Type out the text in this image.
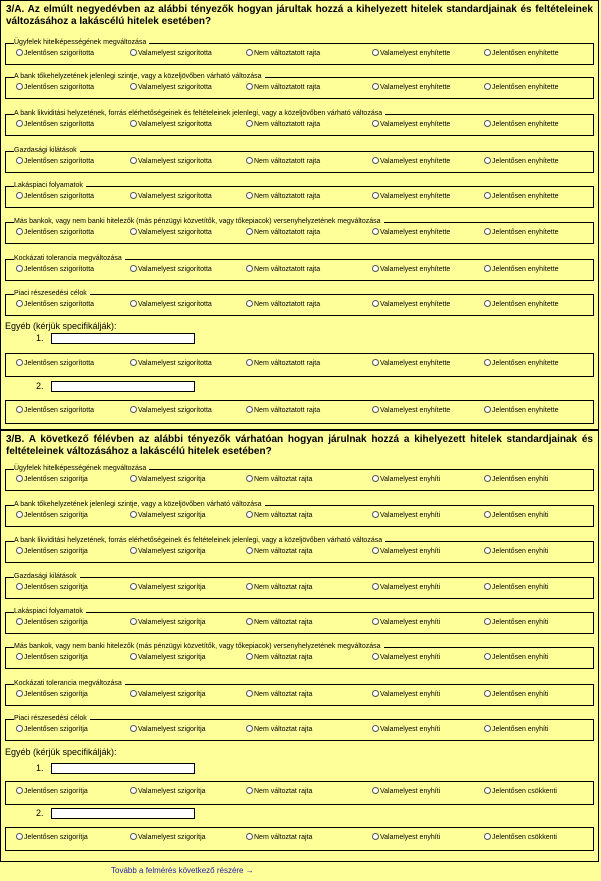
3/A. Az elmúlt negyedévben az alábbi tényezők hogyan járultak hozzá a kihelyezett hitelek standardjainak és feltételeinek változásához a lakáscélú hitelek esetében?
Ügyfelek hitelképességének megváltozása
Jelentősen szigorította	Valamelyest szigorította	Nem változtatott rajta	Valamelyest enyhítette	Jelentősen enyhítette
A bank tőkehelyzetének jelenlegi szintje, vagy a közeljövőben várható változása
Jelentősen szigorította	Valamelyest szigorította	Nem változtatott rajta	Valamelyest enyhítette	Jelentősen enyhítette
A bank likviditási helyzetének, forrás elérhetőségeinek és feltételeinek jelenlegi, vagy a közeljövőben várható változása
Jelentősen szigorította	Valamelyest szigorította	Nem változtatott rajta	Valamelyest enyhítette	Jelentősen enyhítette
Gazdasági kilátások
Jelentősen szigorította	Valamelyest szigorította	Nem változtatott rajta	Valamelyest enyhítette	Jelentősen enyhítette
Lakáspiaci folyamatok
Jelentősen szigorította	Valamelyest szigorította	Nem változtatott rajta	Valamelyest enyhítette	Jelentősen enyhítette
Más bankok, vagy nem banki hitelezők (más pénzügyi közvetítők, vagy tőkepiacok) versenyhelyzetének megváltozása
Jelentősen szigorította	Valamelyest szigorította	Nem változtatott rajta	Valamelyest enyhítette	Jelentősen enyhítette
Kockázati tolerancia megváltozása
Jelentősen szigorította	Valamelyest szigorította	Nem változtatott rajta	Valamelyest enyhítette	Jelentősen enyhítette
Piaci részesedési célok
Jelentősen szigorította	Valamelyest szigorította	Nem változtatott rajta	Valamelyest enyhítette	Jelentősen enyhítette
Egyéb (kérjük specifikálják):
1.
Jelentősen szigorította	Valamelyest szigorította	Nem változtatott rajta	Valamelyest enyhítette	Jelentősen enyhítette
2.
Jelentősen szigorította	Valamelyest szigorította	Nem változtatott rajta	Valamelyest enyhítette	Jelentősen enyhítette
3/B. A következő félévben az alábbi tényezők várhatóan hogyan járulnak hozzá a kihelyezett hitelek standardjainak és feltételeinek változásához a lakáscélú hitelek esetében?
Ügyfelek hitelképességének megváltozása
Jelentősen szigorítja	Valamelyest szigorítja	Nem változtat rajta	Valamelyest enyhíti	Jelentősen enyhíti
A bank tőkehelyzetének jelenlegi szintje, vagy a közeljövőben várható változása
Jelentősen szigorítja	Valamelyest szigorítja	Nem változtat rajta	Valamelyest enyhíti	Jelentősen enyhíti
A bank likviditási helyzetének, forrás elérhetőségeinek és feltételeinek jelenlegi, vagy a közeljövőben várható változása
Jelentősen szigorítja	Valamelyest szigorítja	Nem változtat rajta	Valamelyest enyhíti	Jelentősen enyhíti
Gazdasági kilátások
Jelentősen szigorítja	Valamelyest szigorítja	Nem változtat rajta	Valamelyest enyhíti	Jelentősen enyhíti
Lakáspiaci folyamatok
Jelentősen szigorítja	Valamelyest szigorítja	Nem változtat rajta	Valamelyest enyhíti	Jelentősen enyhíti
Más bankok, vagy nem banki hitelezők (más pénzügyi közvetítők, vagy tőkepiacok) versenyhelyzetének megváltozása
Jelentősen szigorítja	Valamelyest szigorítja	Nem változtat rajta	Valamelyest enyhíti	Jelentősen enyhíti
Kockázati tolerancia megváltozása
Jelentősen szigorítja	Valamelyest szigorítja	Nem változtat rajta	Valamelyest enyhíti	Jelentősen enyhíti
Piaci részesedési célok
Jelentősen szigorítja	Valamelyest szigorítja	Nem változtat rajta	Valamelyest enyhíti	Jelentősen enyhíti
Egyéb (kérjük specifikálják):
1.
Jelentősen szigorítja	Valamelyest szigorítja	Nem változtat rajta	Valamelyest enyhíti	Jelentősen csökkenti
2.
Jelentősen szigorítja	Valamelyest szigorítja	Nem változtat rajta	Valamelyest enyhíti	Jelentősen csökkenti
Tovább a felmérés következő részére →
